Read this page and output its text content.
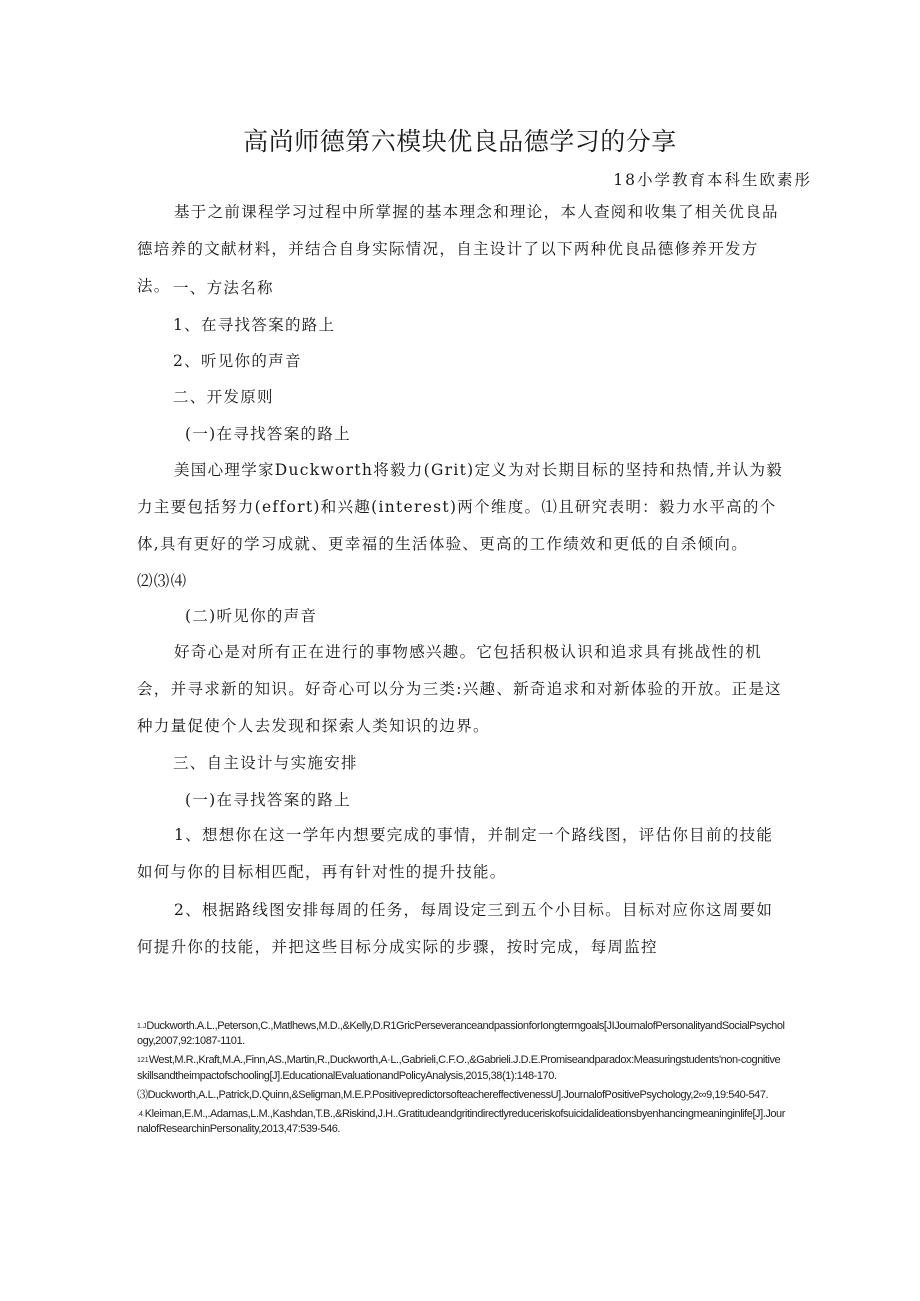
高尚师德第六模块优良品德学习的分享
18小学教育本科生欧素彤

基于之前课程学习过程中所掌握的基本理念和理论，本人查阅和收集了相关优良品德培养的文献材料，并结合自身实际情况，自主设计了以下两种优良品德修养开发方法。 一、方法名称
1、在寻找答案的路上
2、听见你的声音
二、开发原则
(一)在寻找答案的路上

美国心理学家Duckworth将毅力(Grit)定义为对长期目标的坚持和热情,并认为毅力主要包括努力(effort)和兴趣(interest)两个维度。⑴且研究表明：毅力水平高的个体,具有更好的学习成就、更幸福的生活体验、更高的工作绩效和更低的自杀倾向。⑵⑶⑷

(二)听见你的声音

好奇心是对所有正在进行的事物感兴趣。它包括积极认识和追求具有挑战性的机会，并寻求新的知识。好奇心可以分为三类:兴趣、新奇追求和对新体验的开放。正是这种力量促使个人去发现和探索人类知识的边界。

三、自主设计与实施安排
(一)在寻找答案的路上

1、想想你在这一学年内想要完成的事情，并制定一个路线图，评估你目前的技能如何与你的目标相匹配，再有针对性的提升技能。

2、根据路线图安排每周的任务，每周设定三到五个小目标。目标对应你这周要如何提升你的技能，并把这些目标分成实际的步骤，按时完成，每周监控

$^{1.J}$Duckworth.A.L.,Peterson,C.,Matlhews,M.D.,&Kelly,D.R1GricPerseveranceandpassionforIongtermgoals[JIJournalofPersonalityandSocialPsychology,2007,92:1087-1101.

$^{121}$West,M.R.,Kraft,M.A.,Finn,AS.,Martin,R.,Duckworth,A·L.,Gabrieli,C.F.O.,&Gabrieli.J.D.E.Promiseandparadox:Measuringstudents'non-cognitiveskillsandtheimpactofschooling[J].EducationalEvaluationandPolicyAnalysis,2015,38(1):148-170.

⑶Duckworth,A.L.,Patrick,D.Quinn,&Seligman,M.E.P.PositivepredictorsofteachereffectivenessU].JournalofPositivePsychology,2∞9,19:540-547.

$^{.4.}$Kleiman,E.M.,.Adamas,L.M.,Kashdan,T.B.,&Riskind,J.H..Gratitudeandgritindirectlyreduceriskofsuicidalideationsbyenhancingmeaninginlife[J].JournalofResearchinPersonality,2013,47:539-546.
